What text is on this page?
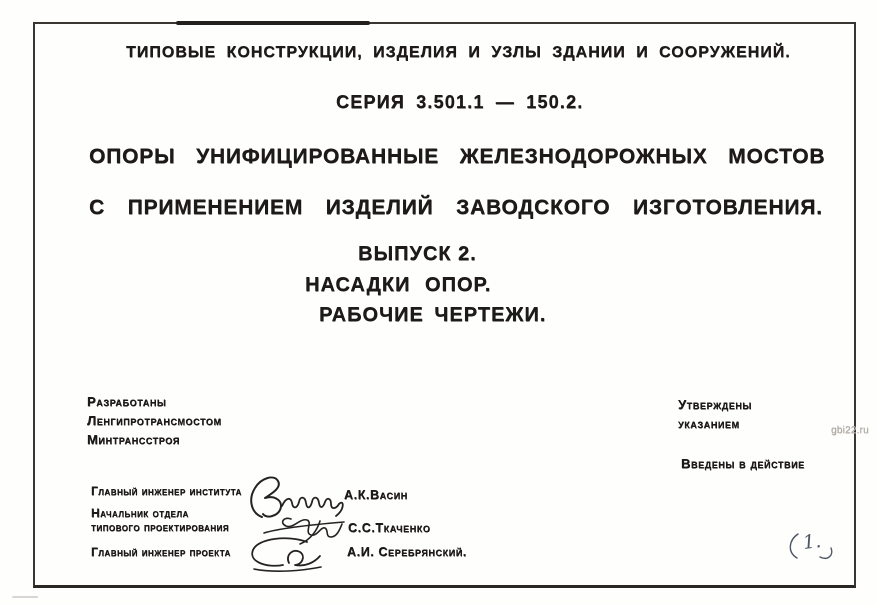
ТИПОВЫЕ КОНСТРУКЦИИ, ИЗДЕЛИЯ И УЗЛЫ ЗДАНИИ И СООРУЖЕНИЙ.
СЕРИЯ 3.501.1 — 150.2.
ОПОРЫ УНИФИЦИРОВАННЫЕ ЖЕЛЕЗНОДОРОЖНЫХ МОСТОВ
С ПРИМЕНЕНИЕМ ИЗДЕЛИЙ ЗАВОДСКОГО ИЗГОТОВЛЕНИЯ.
ВЫПУСК 2.
НАСАДКИ ОПОР.
РАБОЧИЕ ЧЕРТЕЖИ.
Разработаны
Ленгипротрансмостом
Минтрансстроя
Утверждены
указанием
Введены в действие
Главный инженер института	А.К.Васин
Начальник отдела
типового проектирования	С.С.Ткаченко
Главный инженер проекта	А.И. Серебрянский.	1.
gbi22.ru
